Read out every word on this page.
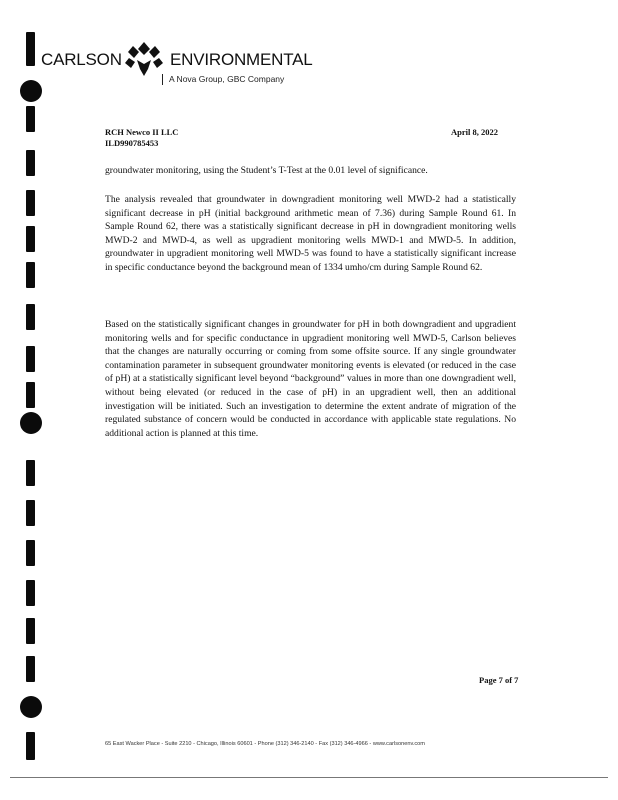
CARLSON	ENVIRONMENTAL
A Nova Group, GBC Company
RCH Newco II LLC
ILD990785453
April 8, 2022
groundwater monitoring, using the Student’s T-Test at the 0.01 level of significance.
The analysis revealed that groundwater in downgradient monitoring well MWD-2 had a statistically significant decrease in pH (initial background arithmetic mean of 7.36) during Sample Round 61. In Sample Round 62, there was a statistically significant decrease in pH in downgradient monitoring wells MWD-2 and MWD-4, as well as upgradient monitoring wells MWD-1 and MWD-5. In addition, groundwater in upgradient monitoring well MWD-5 was found to have a statistically significant increase in specific conductance beyond the background mean of 1334 umho/cm during Sample Round 62.
Based on the statistically significant changes in groundwater for pH in both downgradient and upgradient monitoring wells and for specific conductance in upgradient monitoring well MWD-5, Carlson believes that the changes are naturally occurring or coming from some offsite source. If any single groundwater contamination parameter in subsequent groundwater monitoring events is elevated (or reduced in the case of pH) at a statistically significant level beyond “background” values in more than one downgradient well, without being elevated (or reduced in the case of pH) in an upgradient well, then an additional investigation will be initiated. Such an investigation to determine the extent andrate of migration of the regulated substance of concern would be conducted in accordance with applicable state regulations. No additional action is planned at this time.
Page 7 of 7
65 East Wacker Place - Suite 2210 - Chicago, Illinois 60601 - Phone (312) 346-2140 - Fax (312) 346-4966 - www.carlsonenv.com
